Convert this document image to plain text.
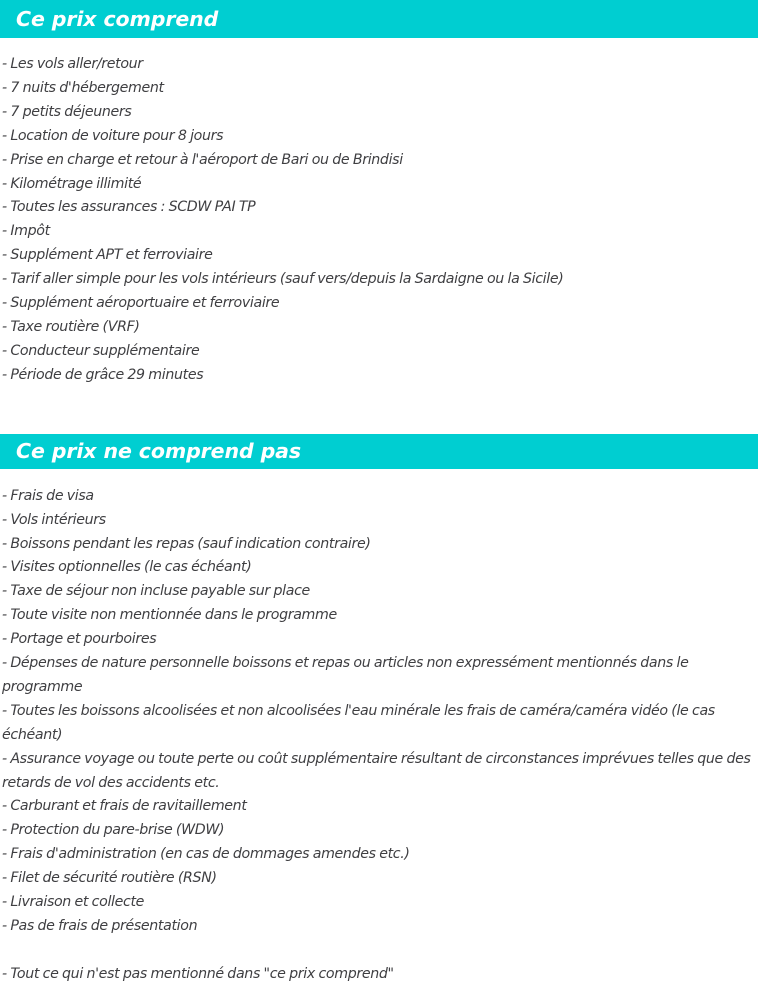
Ce prix comprend
- Les vols aller/retour
- 7 nuits d'hébergement
- 7 petits déjeuners
- Location de voiture pour 8 jours
- Prise en charge et retour à l'aéroport de Bari ou de Brindisi
- Kilométrage illimité
- Toutes les assurances : SCDW PAI TP
- Impôt
- Supplément APT et ferroviaire
- Tarif aller simple pour les vols intérieurs (sauf vers/depuis la Sardaigne ou la Sicile)
- Supplément aéroportuaire et ferroviaire
- Taxe routière (VRF)
- Conducteur supplémentaire
- Période de grâce 29 minutes
Ce prix ne comprend pas
- Frais de visa
- Vols intérieurs
- Boissons pendant les repas (sauf indication contraire)
- Visites optionnelles (le cas échéant)
- Taxe de séjour non incluse payable sur place
- Toute visite non mentionnée dans le programme
- Portage et pourboires
- Dépenses de nature personnelle boissons et repas ou articles non expressément mentionnés dans le programme
- Toutes les boissons alcoolisées et non alcoolisées l'eau minérale les frais de caméra/caméra vidéo (le cas échéant)
- Assurance voyage ou toute perte ou coût supplémentaire résultant de circonstances imprévues telles que des retards de vol des accidents etc.
- Carburant et frais de ravitaillement
- Protection du pare-brise (WDW)
- Frais d'administration (en cas de dommages amendes etc.)
- Filet de sécurité routière (RSN)
- Livraison et collecte
- Pas de frais de présentation
- Tout ce qui n'est pas mentionné dans "ce prix comprend"
